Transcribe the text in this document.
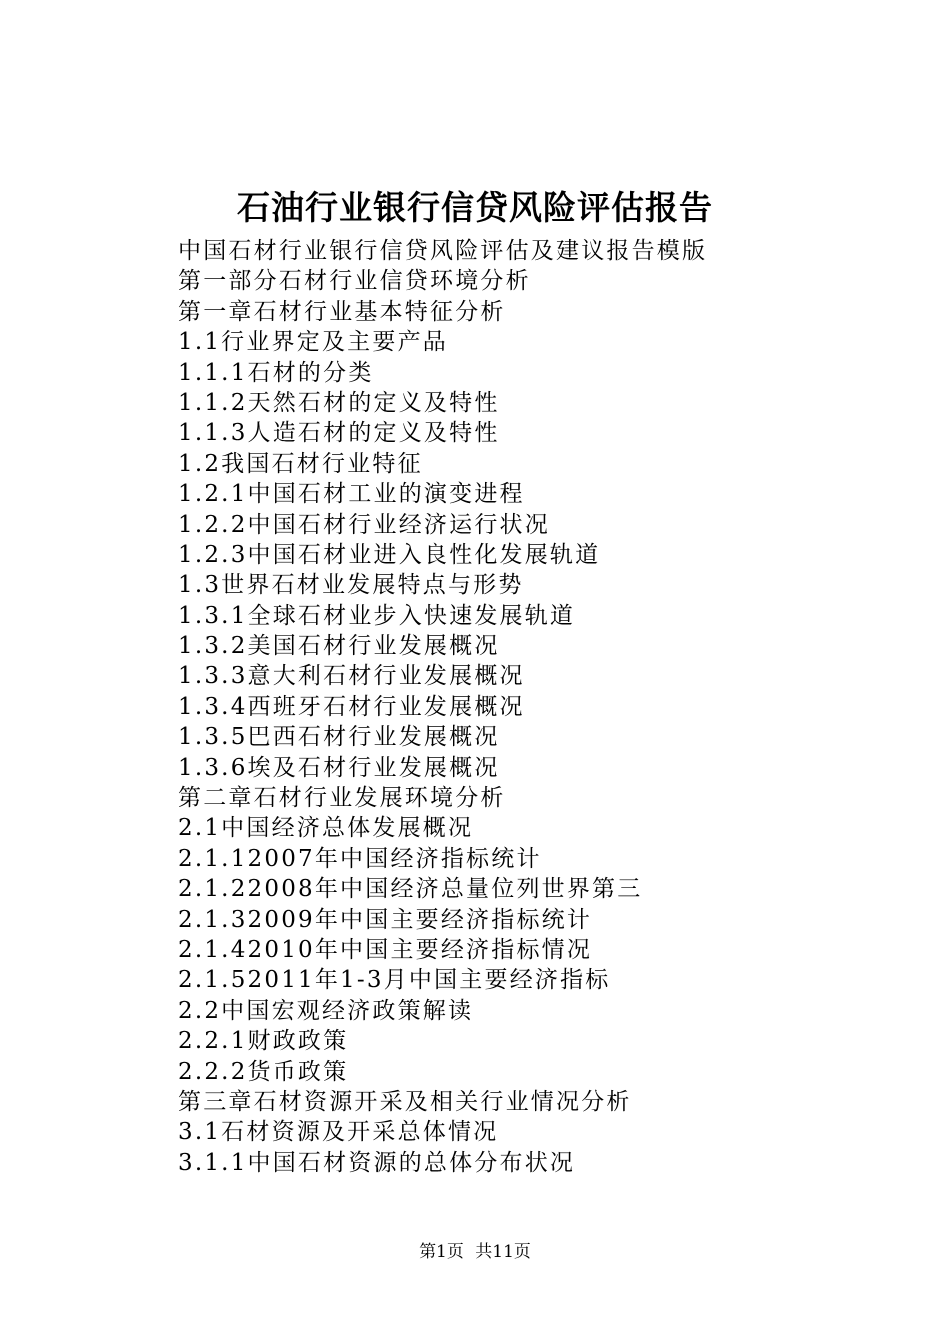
石油行业银行信贷风险评估报告
中国石材行业银行信贷风险评估及建议报告模版
第一部分石材行业信贷环境分析
第一章石材行业基本特征分析
1.1行业界定及主要产品
1.1.1石材的分类
1.1.2天然石材的定义及特性
1.1.3人造石材的定义及特性
1.2我国石材行业特征
1.2.1中国石材工业的演变进程
1.2.2中国石材行业经济运行状况
1.2.3中国石材业进入良性化发展轨道
1.3世界石材业发展特点与形势
1.3.1全球石材业步入快速发展轨道
1.3.2美国石材行业发展概况
1.3.3意大利石材行业发展概况
1.3.4西班牙石材行业发展概况
1.3.5巴西石材行业发展概况
1.3.6埃及石材行业发展概况
第二章石材行业发展环境分析
2.1中国经济总体发展概况
2.1.12007年中国经济指标统计
2.1.22008年中国经济总量位列世界第三
2.1.32009年中国主要经济指标统计
2.1.42010年中国主要经济指标情况
2.1.52011年1-3月中国主要经济指标
2.2中国宏观经济政策解读
2.2.1财政政策
2.2.2货币政策
第三章石材资源开采及相关行业情况分析
3.1石材资源及开采总体情况
3.1.1中国石材资源的总体分布状况
第1页 共11页
